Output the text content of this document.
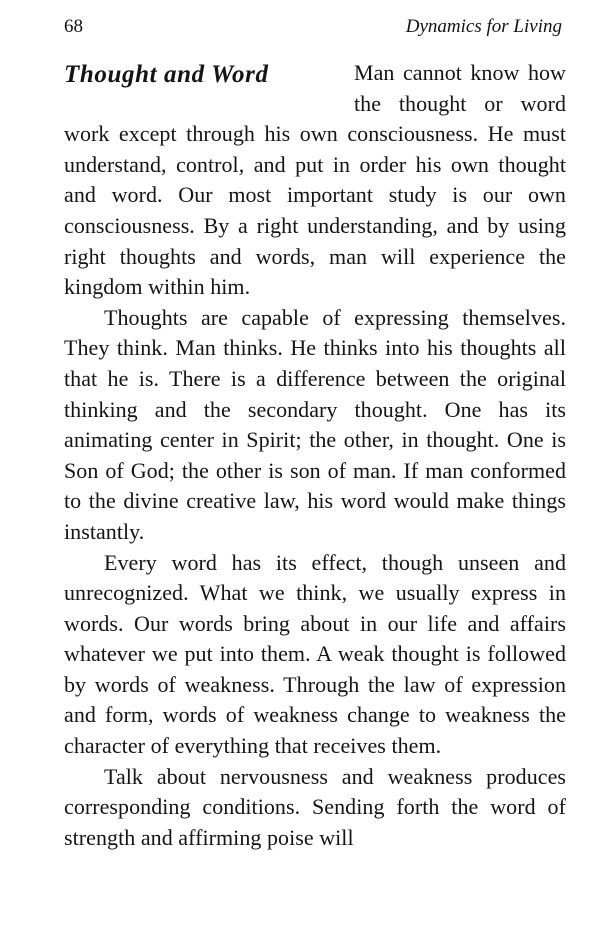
68	Dynamics for Living
Thought and Word	Man cannot know how the thought or word work except through his own consciousness. He must understand, control, and put in order his own thought and word. Our most important study is our own consciousness. By a right understanding, and by using right thoughts and words, man will experience the kingdom within him.

Thoughts are capable of expressing themselves. They think. Man thinks. He thinks into his thoughts all that he is. There is a difference between the original thinking and the secondary thought. One has its animating center in Spirit; the other, in thought. One is Son of God; the other is son of man. If man conformed to the divine creative law, his word would make things instantly.

Every word has its effect, though unseen and unrecognized. What we think, we usually express in words. Our words bring about in our life and affairs whatever we put into them. A weak thought is followed by words of weakness. Through the law of expression and form, words of weakness change to weakness the character of everything that receives them.

Talk about nervousness and weakness produces corresponding conditions. Sending forth the word of strength and affirming poise will
